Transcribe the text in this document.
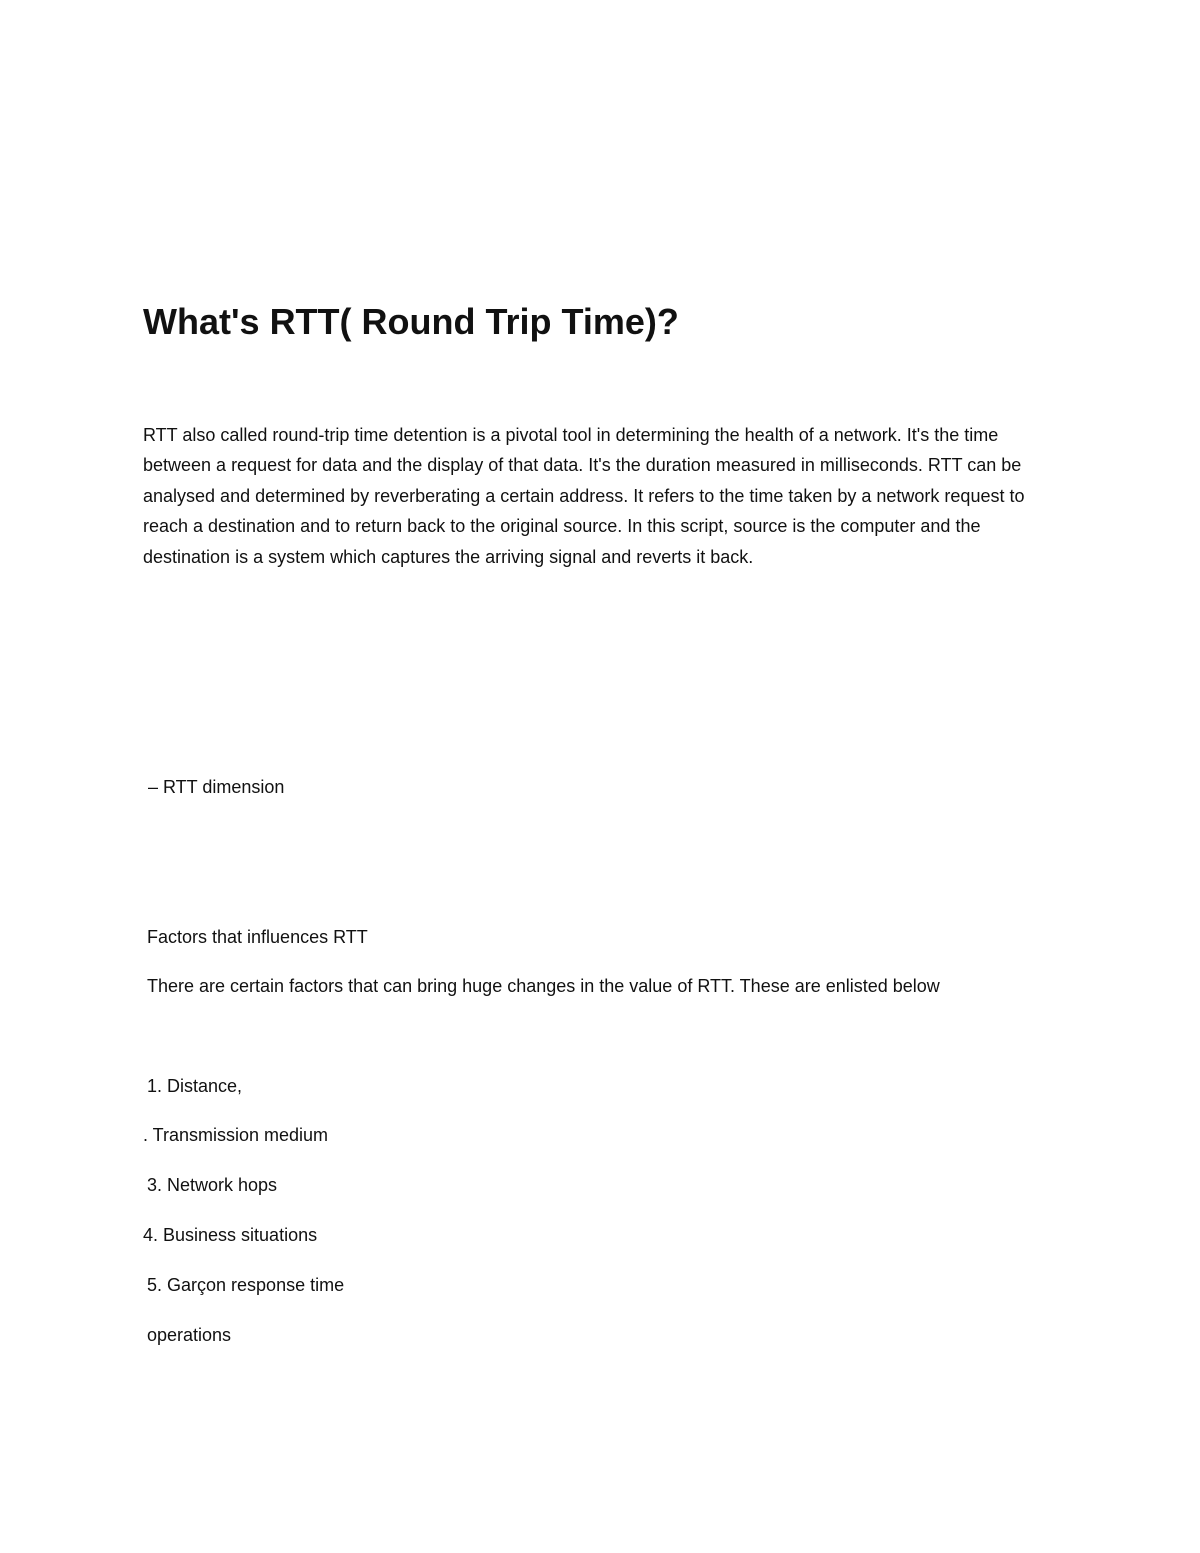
What's RTT( Round Trip Time)?

RTT also called round-trip time detention is a pivotal tool in determining the health of a network. It's the time between a request for data and the display of that data. It's the duration measured in milliseconds. RTT can be analysed and determined by reverberating a certain address. It refers to the time taken by a network request to reach a destination and to return back to the original source. In this script, source is the computer and the destination is a system which captures the arriving signal and reverts it back.

– RTT dimension

Factors that influences RTT

There are certain factors that can bring huge changes in the value of RTT. These are enlisted below

1. Distance,

. Transmission medium

3. Network hops

4. Business situations

5. Garçon response time

operations
